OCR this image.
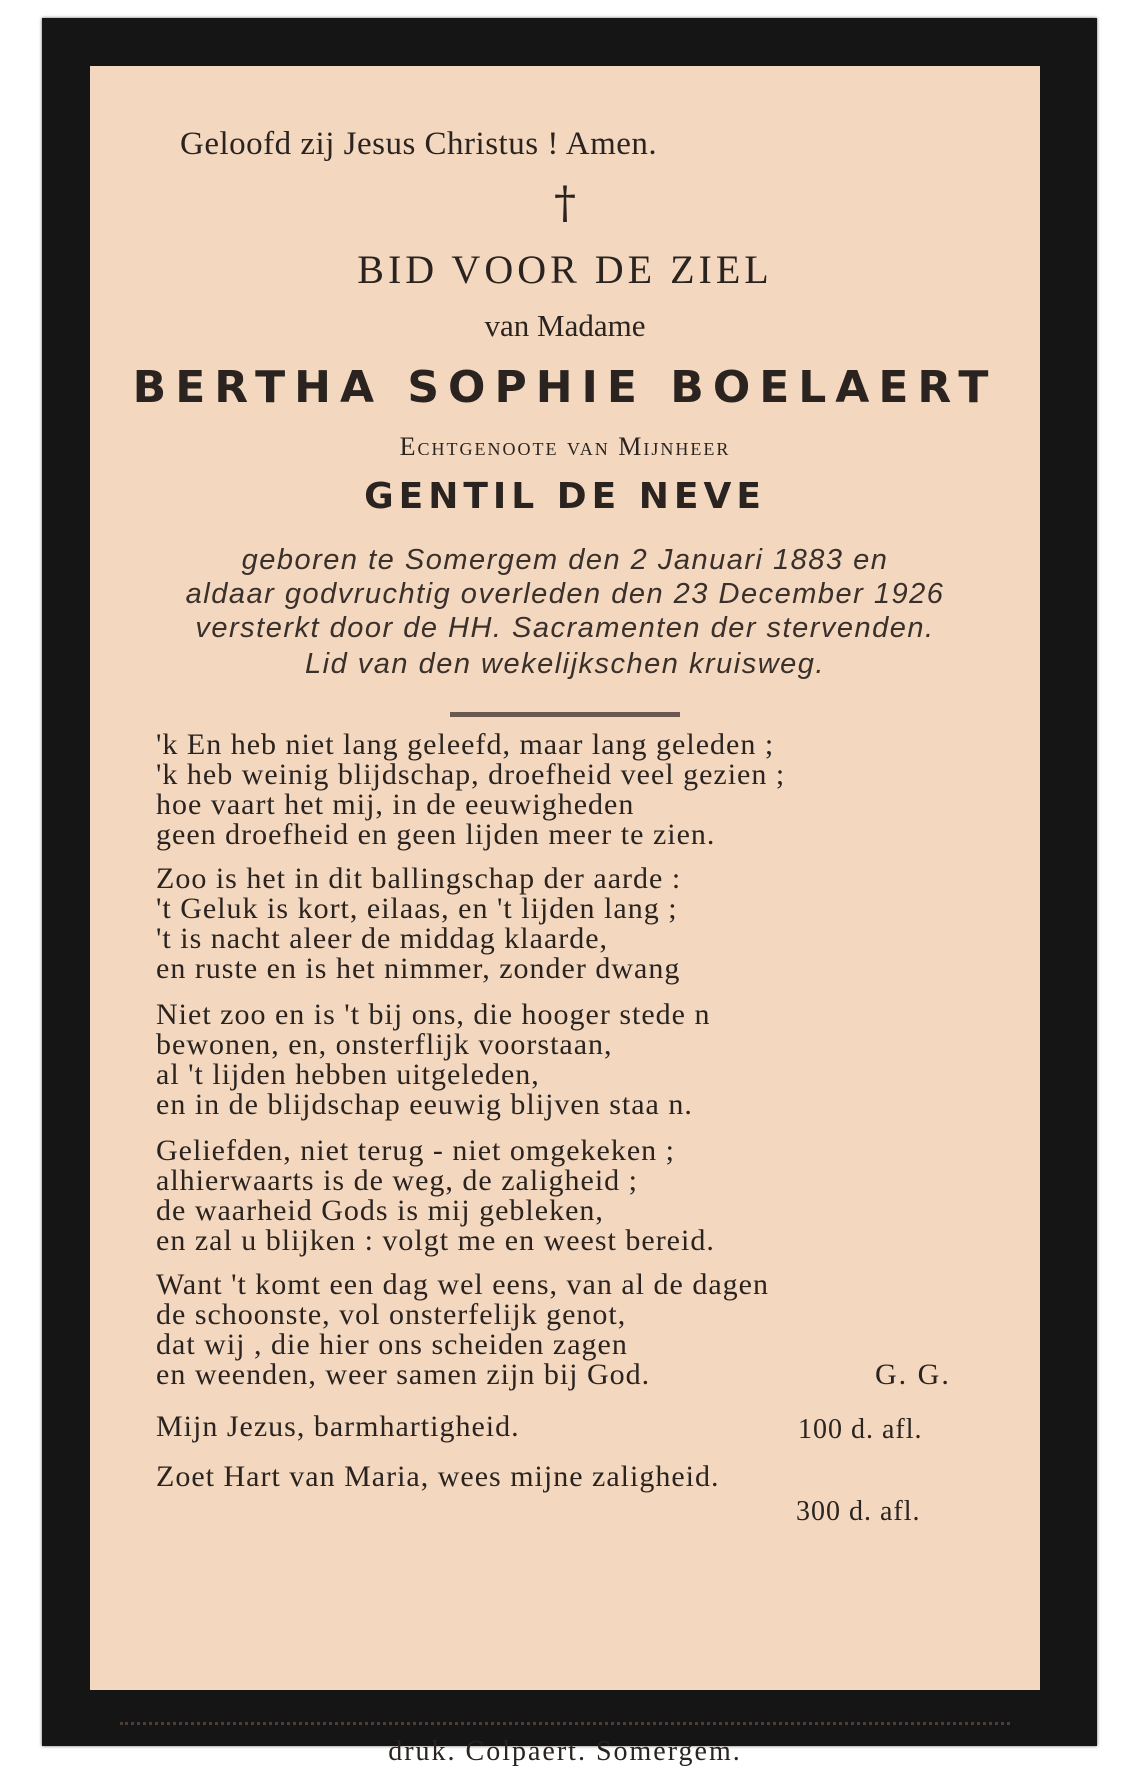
Geloofd zij Jesus Christus ! Amen.
†
BID VOOR DE ZIEL
van Madame
BERTHA SOPHIE BOELAERT
Echtgenoote van Mijnheer
GENTIL DE NEVE
geboren te Somergem den 2 Januari 1883 en
aldaar godvruchtig overleden den 23 December 1926
versterkt door de HH. Sacramenten der stervenden.
Lid van den wekelijkschen kruisweg.
'k En heb niet lang geleefd, maar lang geleden ;
'k heb weinig blijdschap, droefheid veel gezien ;
hoe vaart het mij, in de eeuwigheden
geen droefheid en geen lijden meer te zien.
Zoo is het in dit ballingschap der aarde :
't Geluk is kort, eilaas, en 't lijden lang ;
't is nacht aleer de middag klaarde,
en ruste en is het nimmer, zonder dwang
Niet zoo en is 't bij ons, die hooger stede n
bewonen, en, onsterflijk voorstaan,
al 't lijden hebben uitgeleden,
en in de blijdschap eeuwig blijven staa n.
Geliefden, niet terug - niet omgekeken ;
alhierwaarts is de weg, de zaligheid ;
de waarheid Gods is mij gebleken,
en zal u blijken : volgt me en weest bereid.
Want 't komt een dag wel eens, van al de dagen
de schoonste, vol onsterfelijk genot,
dat wij , die hier ons scheiden zagen
en weenden, weer samen zijn bij God.	G. G.
Mijn Jezus, barmhartigheid.	100 d. afl.
Zoet Hart van Maria, wees mijne zaligheid.
300 d. afl.
druk. Colpaert. Somergem.
